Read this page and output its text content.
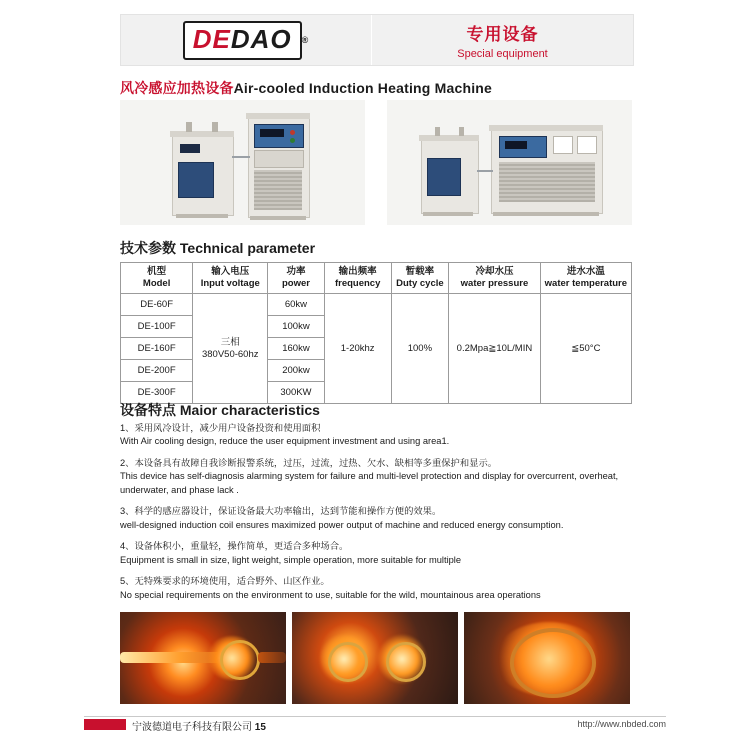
DE DAO ®	专用设备
Special equipment
风冷感应加热设备Air-cooled Induction Heating Machine
技术参数 Technical parameter
机型
Model

输入电压
Input voltage

功率
power

输出频率
frequency

暂载率
Duty cycle

冷却水压
water pressure

进水水温
water temperature

DE-60F	三相
380V50-60hz	60kw	1-20khz	100%	0.2Mpa≧10L/MIN	≦50°C
DE-100F		100kw				
DE-160F		160kw				
DE-200F		200kw				
DE-300F		300KW				
设备特点 Maior characteristics
1、采用风冷设计，减少用户设备投资和使用面积
With Air cooling design, reduce the user equipment investment and using area1.
2、本设备具有故障自我诊断报警系统，过压，过流，过热、欠水、缺相等多重保护和显示。
This device has self-diagnosis alarming system for failure and multi-level protection and display for overcurrent, overheat, underwater, and phase lack .
3、科学的感应器设计，保证设备最大功率输出，达到节能和操作方便的效果。
well-designed induction coil ensures maximized power output of machine and reduced energy consumption.
4、设备体积小，重量轻，操作简单，更适合多种场合。
Equipment is small in size, light weight, simple operation, more suitable for multiple
5、无特殊要求的环境使用，适合野外、山区作业。
No special requirements on the environment to use, suitable for the wild, mountainous area operations
宁波德道电子科技有限公司 15	http://www.nbded.com
